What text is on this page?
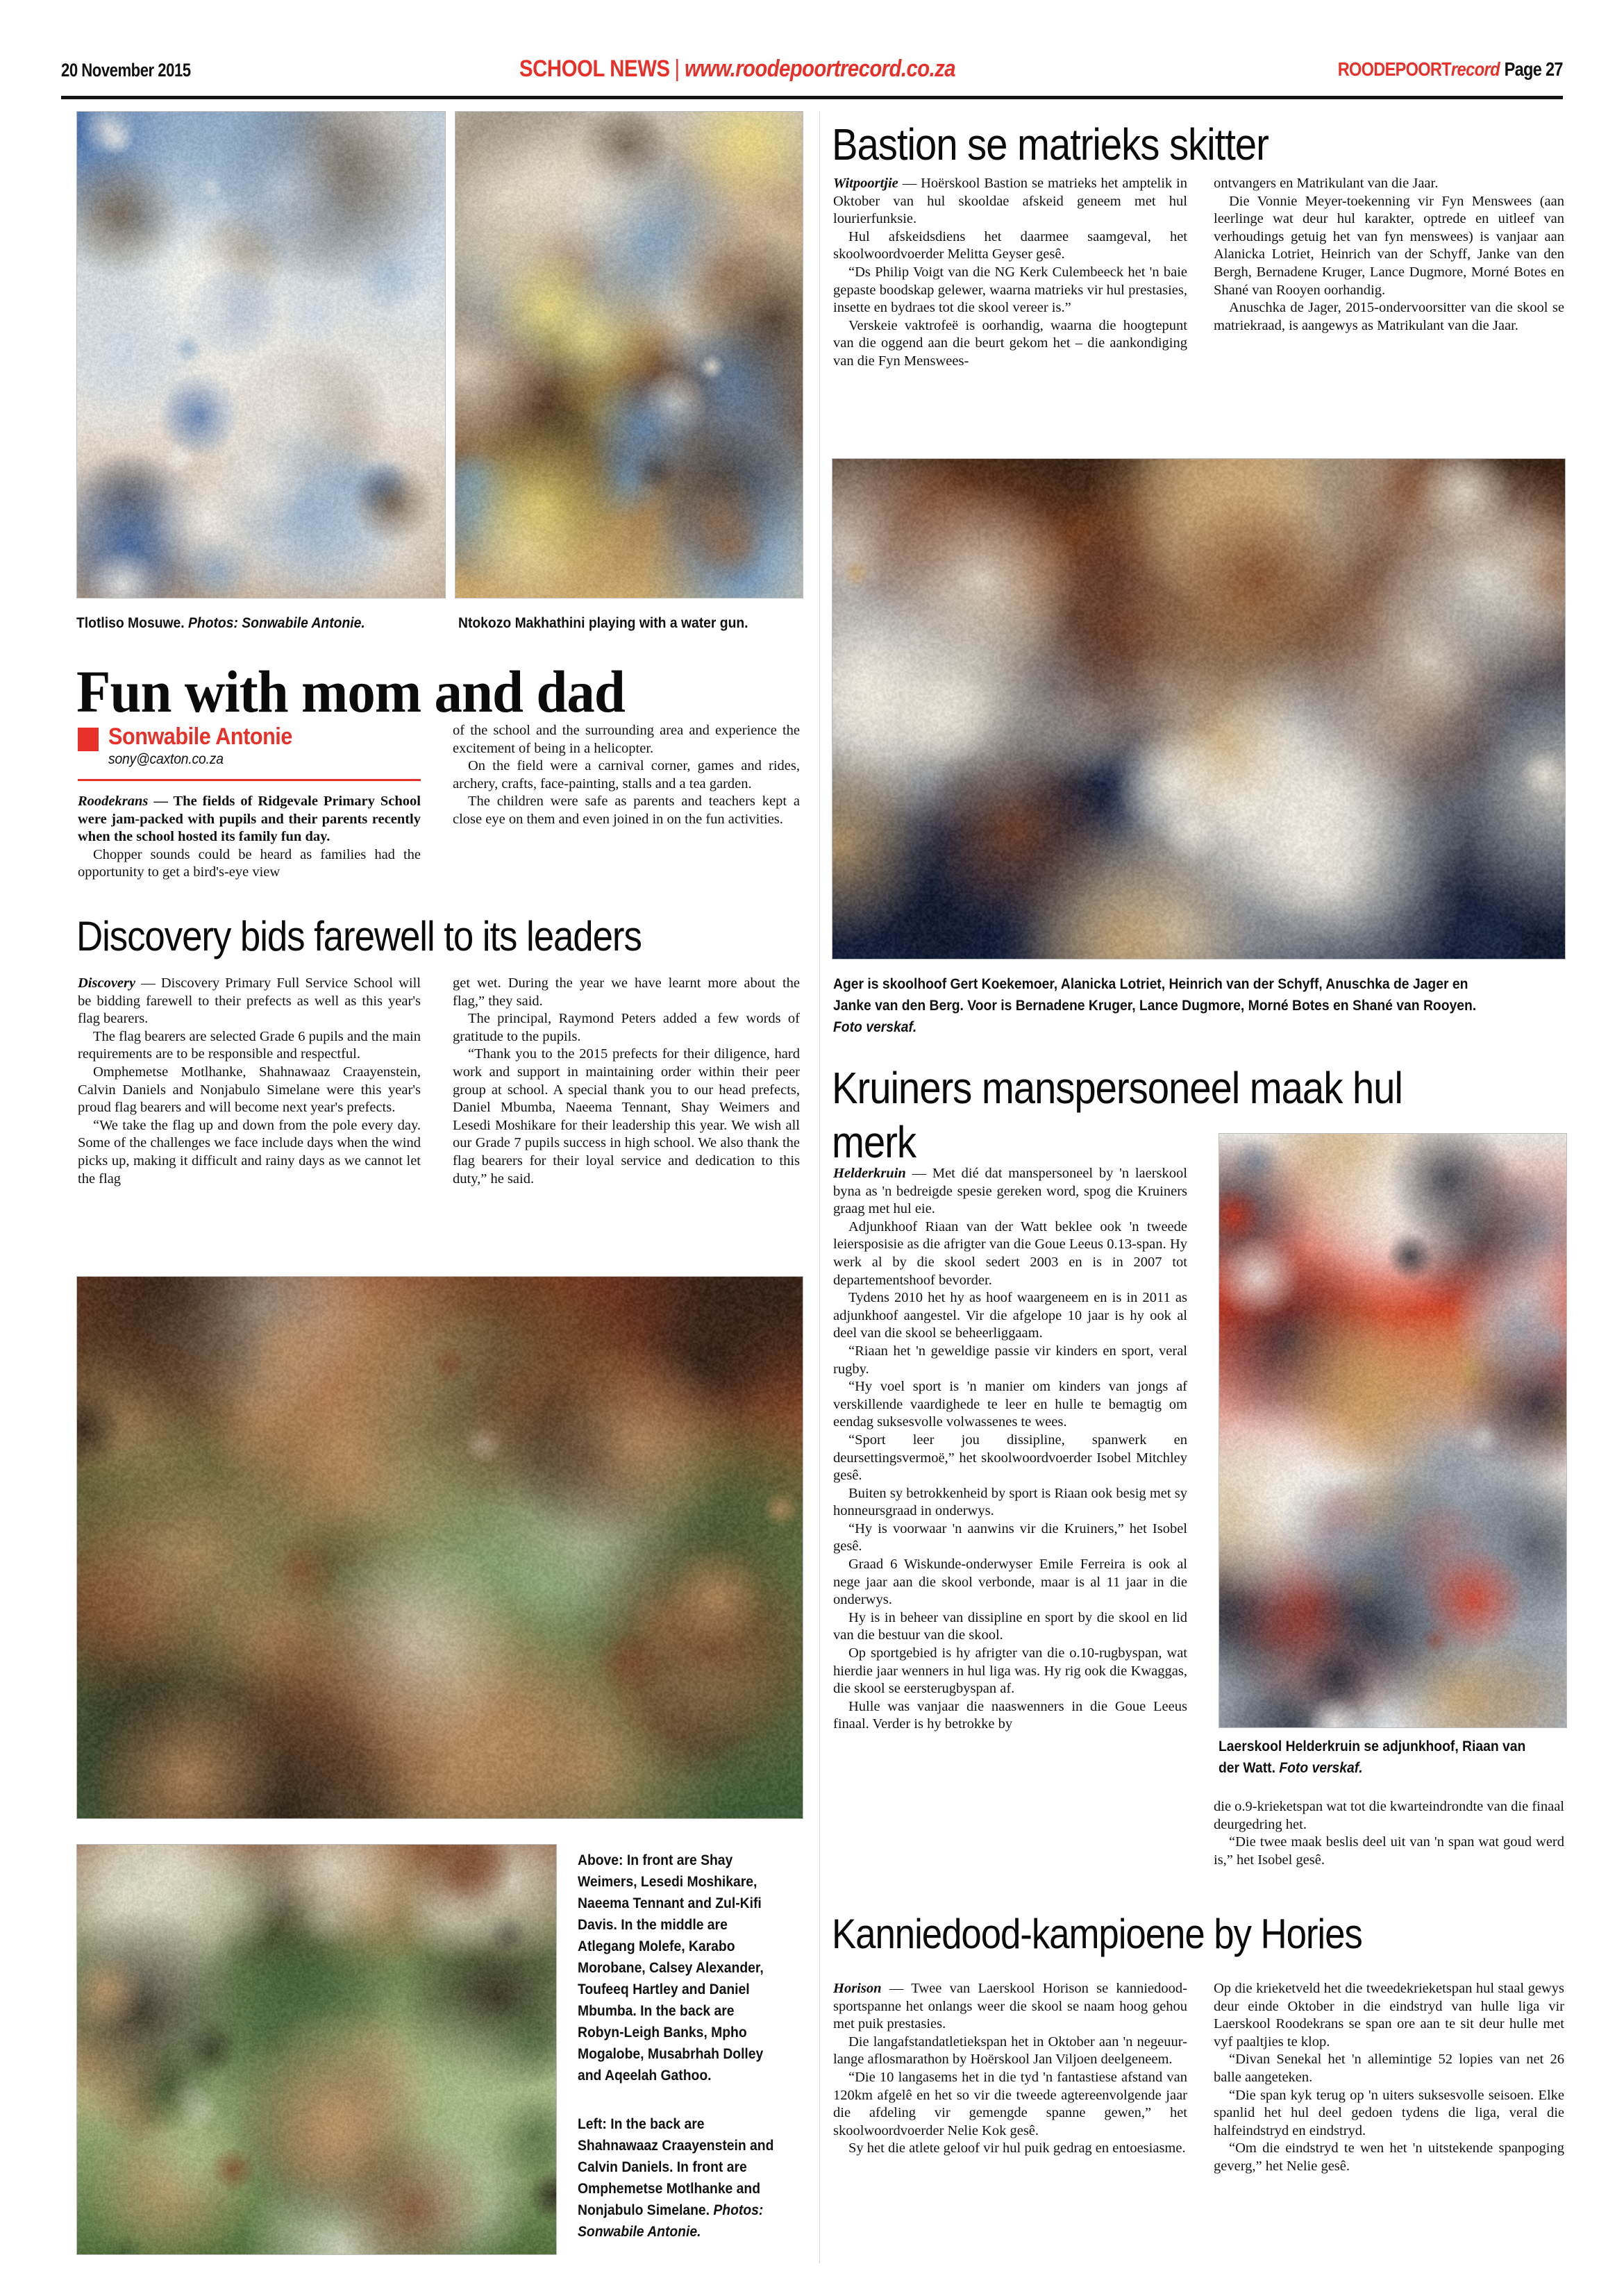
20 November 2015	SCHOOL NEWS | www.roodepoortrecord.co.za	ROODEPOORTrecord Page 27
Tlotliso Mosuwe. Photos: Sonwabile Antonie.	Ntokozo Makhathini playing with a water gun.
Fun with mom and dad
Sonwabile Antonie
sony@caxton.co.za

Roodekrans — The fields of Ridgevale Primary School were jam-packed with pupils and their parents recently when the school hosted its family fun day.

Chopper sounds could be heard as families had the opportunity to get a bird's-eye view

of the school and the surrounding area and experience the excitement of being in a helicopter.

On the field were a carnival corner, games and rides, archery, crafts, face-painting, stalls and a tea garden.

The children were safe as parents and teachers kept a close eye on them and even joined in on the fun activities.

Discovery bids farewell to its leaders

Discovery — Discovery Primary Full Service School will be bidding farewell to their prefects as well as this year's flag bearers.

The flag bearers are selected Grade 6 pupils and the main requirements are to be responsible and respectful.

Omphemetse Motlhanke, Shahnawaaz Craayenstein, Calvin Daniels and Nonjabulo Simelane were this year's proud flag bearers and will become next year's prefects.

“We take the flag up and down from the pole every day. Some of the challenges we face include days when the wind picks up, making it difficult and rainy days as we cannot let the flag

get wet. During the year we have learnt more about the flag,” they said.

The principal, Raymond Peters added a few words of gratitude to the pupils.

“Thank you to the 2015 prefects for their diligence, hard work and support in maintaining order within their peer group at school. A special thank you to our head prefects, Daniel Mbumba, Naeema Tennant, Shay Weimers and Lesedi Moshikare for their leadership this year. We wish all our Grade 7 pupils success in high school. We also thank the flag bearers for their loyal service and dedication to this duty,” he said.

Above: In front are Shay Weimers, Lesedi Moshikare, Naeema Tennant and Zul-Kifi Davis. In the middle are Atlegang Molefe, Karabo Morobane, Calsey Alexander, Toufeeq Hartley and Daniel Mbumba. In the back are Robyn-Leigh Banks, Mpho Mogalobe, Musabrhah Dolley and Aqeelah Gathoo.
Left: In the back are Shahnawaaz Craayenstein and Calvin Daniels. In front are Omphemetse Motlhanke and Nonjabulo Simelane. Photos: Sonwabile Antonie.
Bastion se matrieks skitter

Witpoortjie — Hoërskool Bastion se matrieks het amptelik in Oktober van hul skooldae afskeid geneem met hul lourierfunksie.

Hul afskeidsdiens het daarmee saamgeval, het skoolwoordvoerder Melitta Geyser gesê.

“Ds Philip Voigt van die NG Kerk Culembeeck het 'n baie gepaste boodskap gelewer, waarna matrieks vir hul prestasies, insette en bydraes tot die skool vereer is.”

Verskeie vaktrofeë is oorhandig, waarna die hoogtepunt van die oggend aan die beurt gekom het – die aankondiging van die Fyn Menswees-

ontvangers en Matrikulant van die Jaar.

Die Vonnie Meyer-toekenning vir Fyn Menswees (aan leerlinge wat deur hul karakter, optrede en uitleef van verhoudings getuig het van fyn menswees) is vanjaar aan Alanicka Lotriet, Heinrich van der Schyff, Janke van den Bergh, Bernadene Kruger, Lance Dugmore, Morné Botes en Shané van Rooyen oorhandig.

Anuschka de Jager, 2015-ondervoorsitter van die skool se matriekraad, is aangewys as Matrikulant van die Jaar.

Ager is skoolhoof Gert Koekemoer, Alanicka Lotriet, Heinrich van der Schyff, Anuschka de Jager en Janke van den Berg. Voor is Bernadene Kruger, Lance Dugmore, Morné Botes en Shané van Rooyen. Foto verskaf.
Kruiners manspersoneel maak hul merk

Helderkruin — Met dié dat manspersoneel by 'n laerskool byna as 'n bedreigde spesie gereken word, spog die Kruiners graag met hul eie.

Adjunkhoof Riaan van der Watt beklee ook 'n tweede leiersposisie as die afrigter van die Goue Leeus 0.13-span. Hy werk al by die skool sedert 2003 en is in 2007 tot departementshoof bevorder.

Tydens 2010 het hy as hoof waargeneem en is in 2011 as adjunkhoof aangestel. Vir die afgelope 10 jaar is hy ook al deel van die skool se beheerliggaam.

“Riaan het 'n geweldige passie vir kinders en sport, veral rugby.

“Hy voel sport is 'n manier om kinders van jongs af verskillende vaardighede te leer en hulle te bemagtig om eendag suksesvolle volwassenes te wees.

“Sport leer jou dissipline, spanwerk en deursettingsvermoë,” het skoolwoordvoerder Isobel Mitchley gesê.

Buiten sy betrokkenheid by sport is Riaan ook besig met sy honneursgraad in onderwys.

“Hy is voorwaar 'n aanwins vir die Kruiners,” het Isobel gesê.

Graad 6 Wiskunde-onderwyser Emile Ferreira is ook al nege jaar aan die skool verbonde, maar is al 11 jaar in die onderwys.

Hy is in beheer van dissipline en sport by die skool en lid van die bestuur van die skool.

Op sportgebied is hy afrigter van die o.10-rugbyspan, wat hierdie jaar wenners in hul liga was. Hy rig ook die Kwaggas, die skool se eersterugbyspan af.

Hulle was vanjaar die naaswenners in die Goue Leeus finaal. Verder is hy betrokke by

Laerskool Helderkruin se adjunkhoof, Riaan van der Watt. Foto verskaf.

die o.9-krieketspan wat tot die kwarteindrondte van die finaal deurgedring het.

“Die twee maak beslis deel uit van 'n span wat goud werd is,” het Isobel gesê.

Kanniedood-kampioene by Hories

Horison — Twee van Laerskool Horison se kanniedood-sportspanne het onlangs weer die skool se naam hoog gehou met puik prestasies.

Die langafstandatletiekspan het in Oktober aan 'n negeuur-lange aflosmarathon by Hoërskool Jan Viljoen deelgeneem.

“Die 10 langasems het in die tyd 'n fantastiese afstand van 120km afgelê en het so vir die tweede agtereenvolgende jaar die afdeling vir gemengde spanne gewen,” het skoolwoordvoerder Nelie Kok gesê.

Sy het die atlete geloof vir hul puik gedrag en entoesiasme.

Op die krieketveld het die tweedekrieketspan hul staal gewys deur einde Oktober in die eindstryd van hulle liga vir Laerskool Roodekrans se span ore aan te sit deur hulle met vyf paaltjies te klop.

“Divan Senekal het 'n allemintige 52 lopies van net 26 balle aangeteken.

“Die span kyk terug op 'n uiters suksesvolle seisoen. Elke spanlid het hul deel gedoen tydens die liga, veral die halfeindstryd en eindstryd.

“Om die eindstryd te wen het 'n uitstekende spanpoging geverg,” het Nelie gesê.
